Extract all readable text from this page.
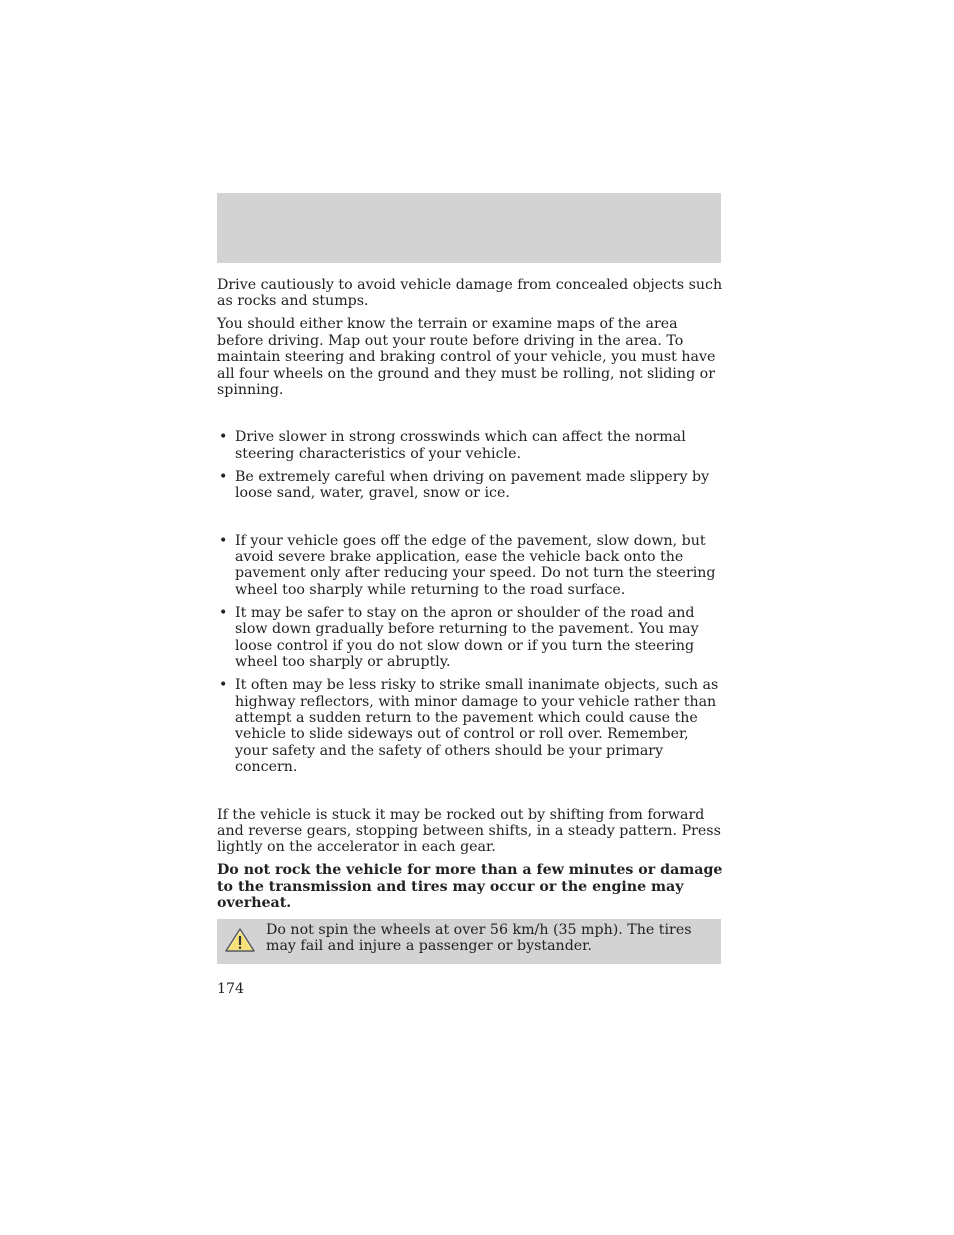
Drive cautiously to avoid vehicle damage from concealed objects such as rocks and stumps.

You should either know the terrain or examine maps of the area before driving. Map out your route before driving in the area. To maintain steering and braking control of your vehicle, you must have all four wheels on the ground and they must be rolling, not sliding or spinning.

• Drive slower in strong crosswinds which can affect the normal steering characteristics of your vehicle.
• Be extremely careful when driving on pavement made slippery by loose sand, water, gravel, snow or ice.
• If your vehicle goes off the edge of the pavement, slow down, but avoid severe brake application, ease the vehicle back onto the pavement only after reducing your speed. Do not turn the steering wheel too sharply while returning to the road surface.
• It may be safer to stay on the apron or shoulder of the road and slow down gradually before returning to the pavement. You may loose control if you do not slow down or if you turn the steering wheel too sharply or abruptly.
• It often may be less risky to strike small inanimate objects, such as highway reflectors, with minor damage to your vehicle rather than attempt a sudden return to the pavement which could cause the vehicle to slide sideways out of control or roll over. Remember, your safety and the safety of others should be your primary concern.

If the vehicle is stuck it may be rocked out by shifting from forward and reverse gears, stopping between shifts, in a steady pattern. Press lightly on the accelerator in each gear.

Do not rock the vehicle for more than a few minutes or damage to the transmission and tires may occur or the engine may overheat.

Do not spin the wheels at over 56 km/h (35 mph). The tires may fail and injure a passenger or bystander.
174
